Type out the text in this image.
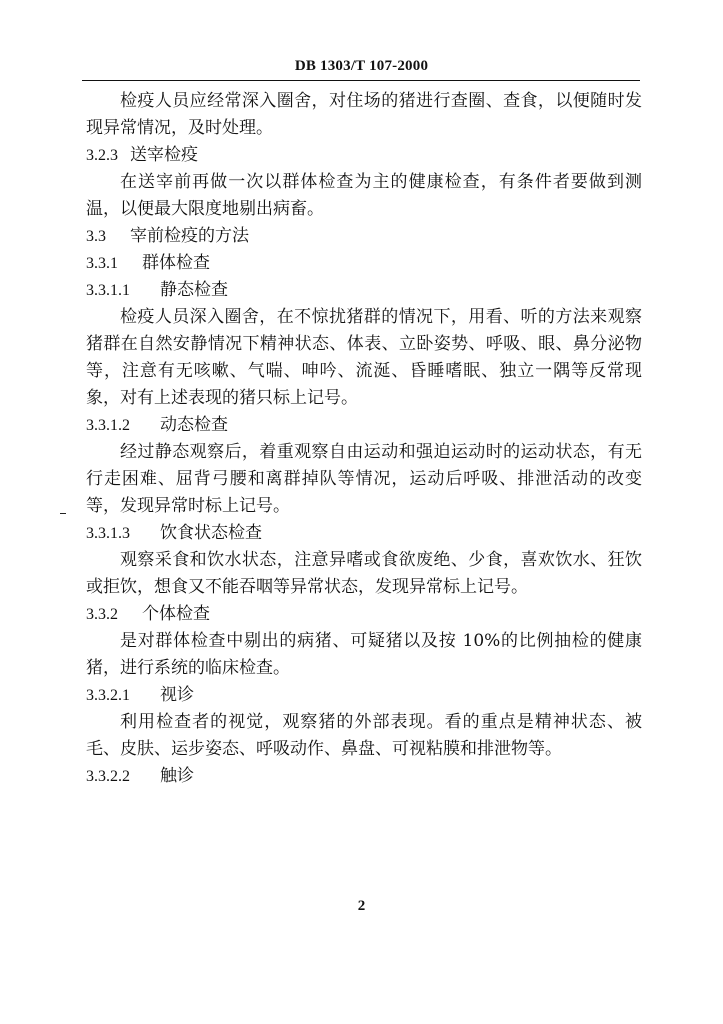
DB 1303/T 107-2000

检疫人员应经常深入圈舍，对住场的猪进行查圈、查食，以便随时发现异常情况，及时处理。

3.2.3 送宰检疫

在送宰前再做一次以群体检查为主的健康检查，有条件者要做到测温，以便最大限度地剔出病畜。

3.3 宰前检疫的方法

3.3.1 群体检查

3.3.1.1 静态检查

检疫人员深入圈舍，在不惊扰猪群的情况下，用看、听的方法来观察猪群在自然安静情况下精神状态、体表、立卧姿势、呼吸、眼、鼻分泌物等，注意有无咳嗽、气喘、呻吟、流涎、昏睡嗜眠、独立一隅等反常现象，对有上述表现的猪只标上记号。

3.3.1.2 动态检查

经过静态观察后，着重观察自由运动和强迫运动时的运动状态，有无行走困难、屈背弓腰和离群掉队等情况，运动后呼吸、排泄活动的改变等，发现异常时标上记号。

3.3.1.3 饮食状态检查

观察采食和饮水状态，注意异嗜或食欲废绝、少食，喜欢饮水、狂饮或拒饮，想食又不能吞咽等异常状态，发现异常标上记号。

3.3.2 个体检查

是对群体检查中剔出的病猪、可疑猪以及按 10%的比例抽检的健康猪，进行系统的临床检查。

3.3.2.1 视诊

利用检查者的视觉，观察猪的外部表现。看的重点是精神状态、被毛、皮肤、运步姿态、呼吸动作、鼻盘、可视粘膜和排泄物等。

3.3.2.2 触诊

2
